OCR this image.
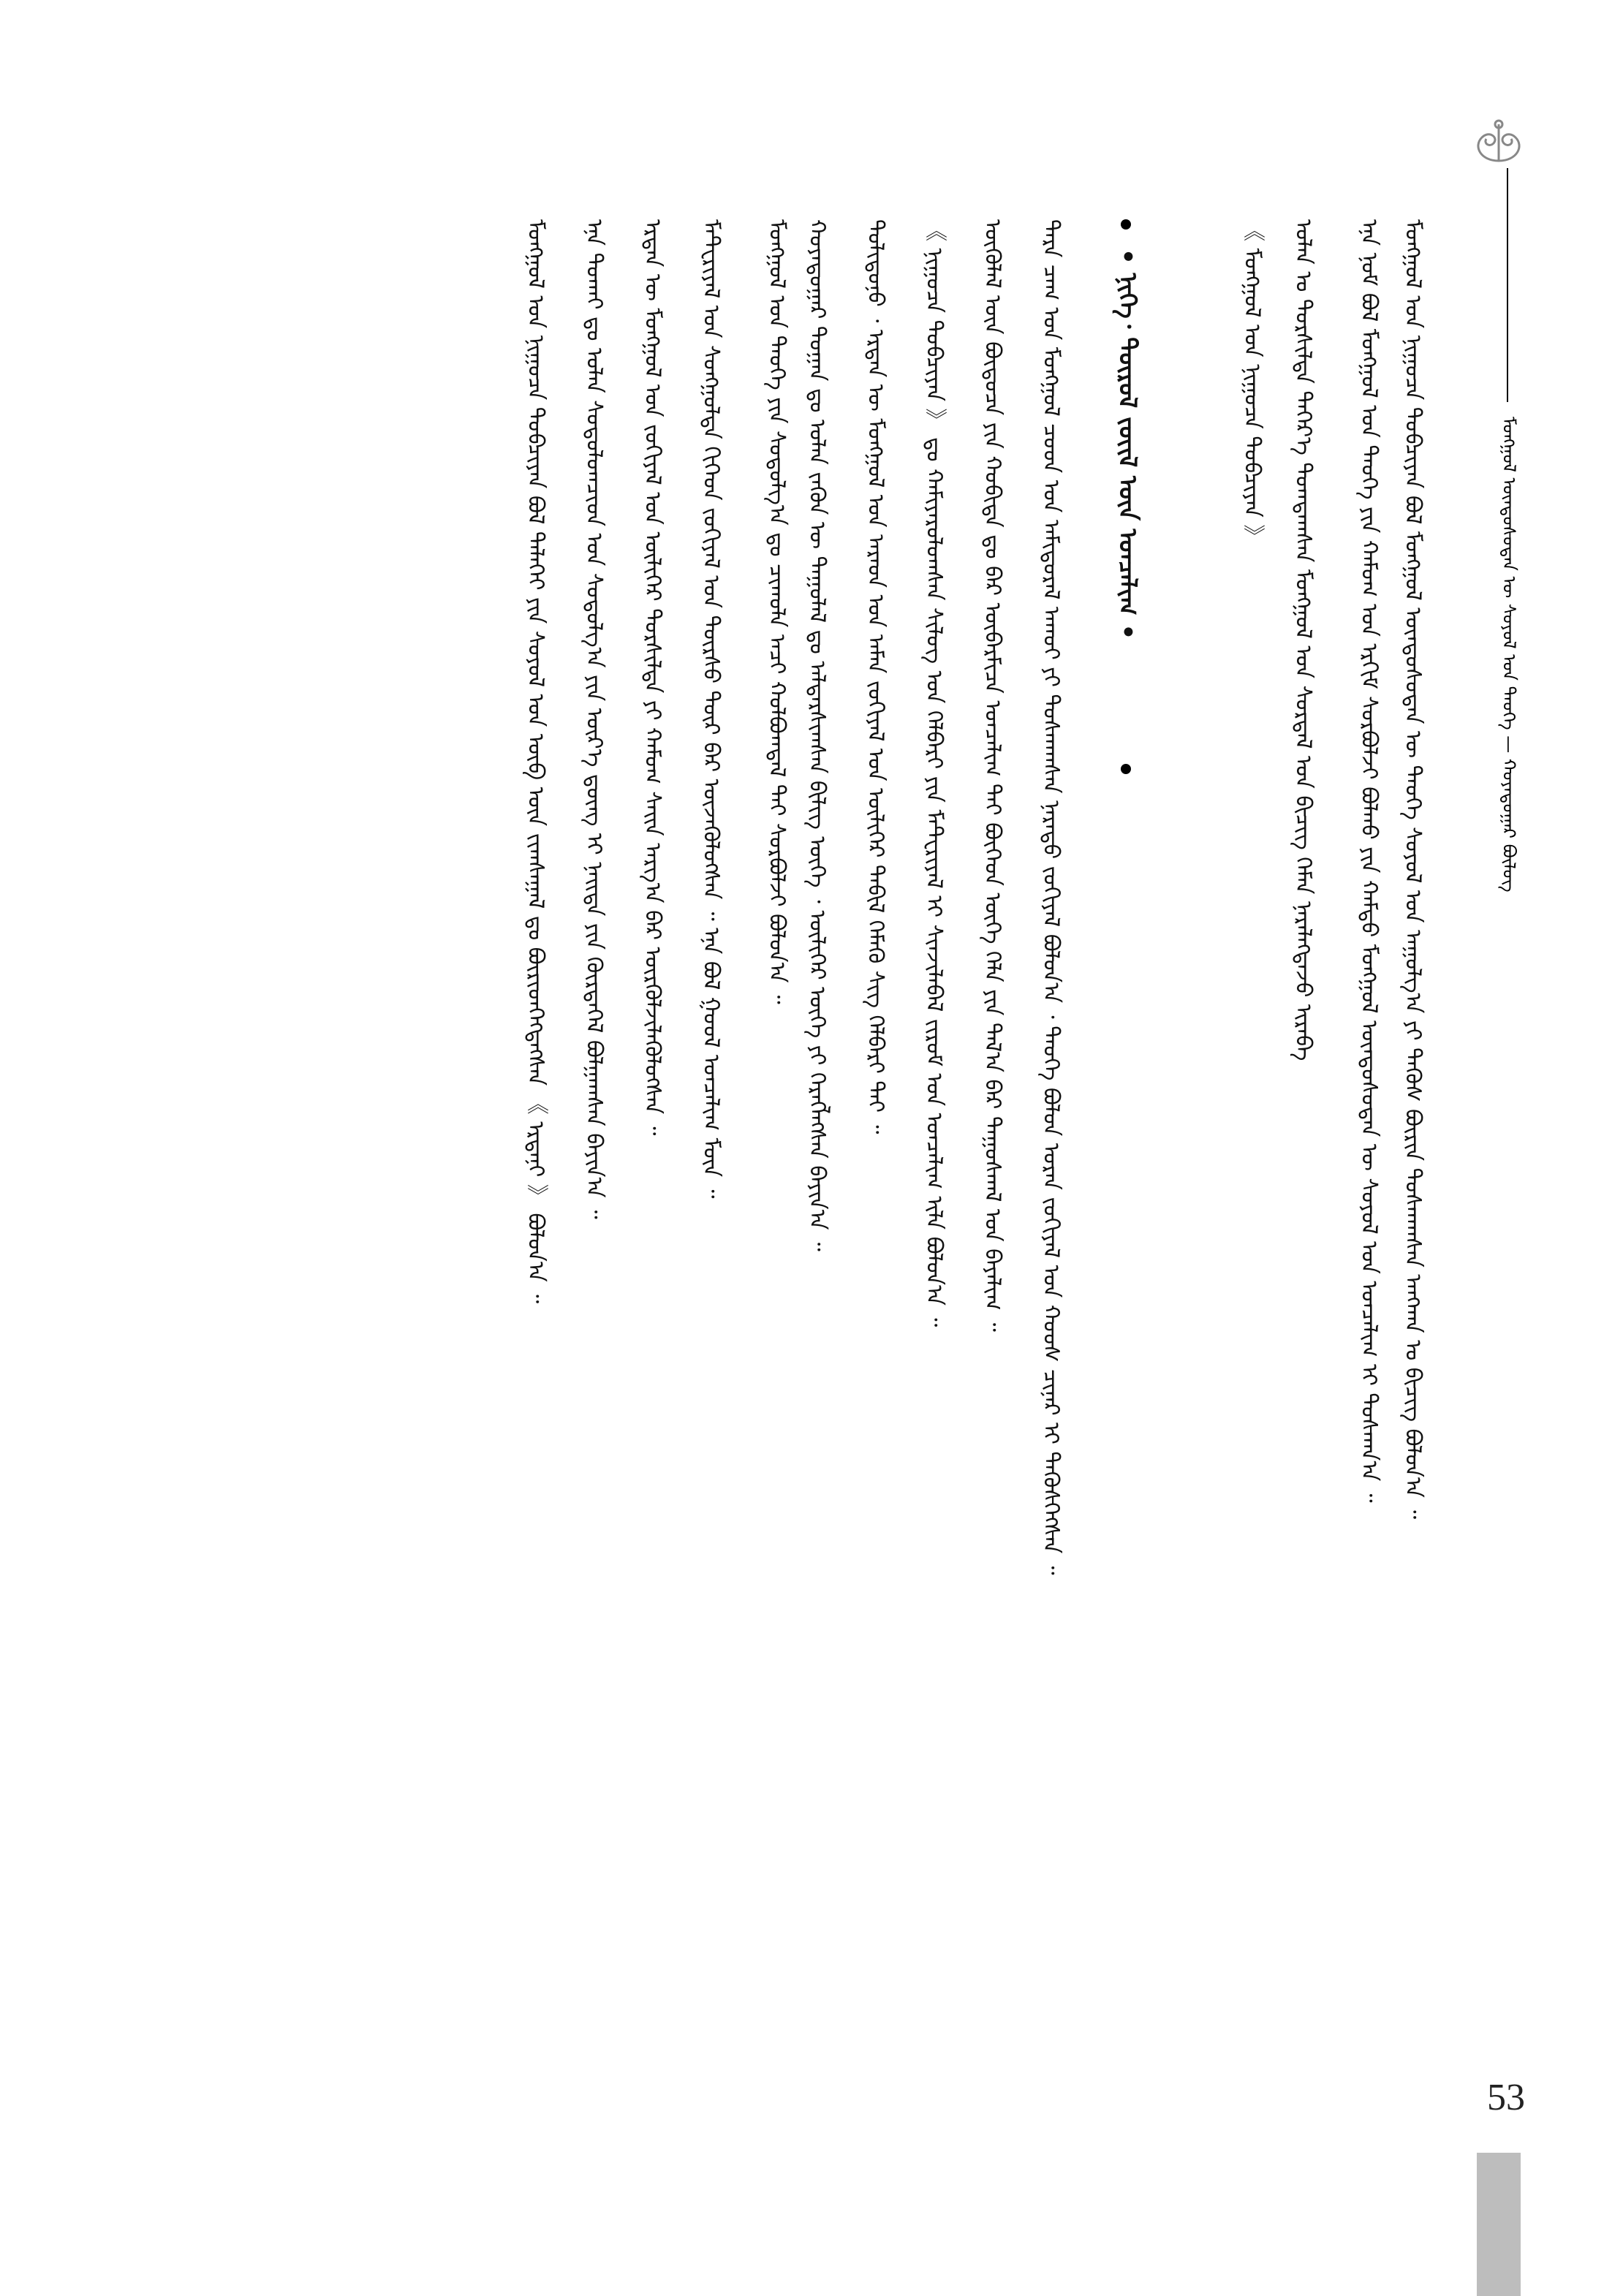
ᠮᠣᠩᠭᠣᠯ ᠦᠨᠳᠦᠰᠦᠲᠡᠨ ᠦ ᠰᠣᠶᠣᠯ ᠤᠨ ᠲᠡᠦᠬᠡ — ᠬᠣᠶᠠᠳᠤᠭᠠᠷ ᠪᠦᠯᠦᠭ
ᠮᠣᠩᠭᠣᠯ ᠤᠨ ᠨᠢᠭᠤᠴᠠ ᠲᠣᠪᠴᠢᠶᠠᠨ ᠪᠣᠯ ᠮᠣᠩᠭᠣᠯ ᠦᠨᠳᠦᠰᠦᠲᠡᠨ ᠦ ᠲᠡᠦᠬᠡ ᠰᠣᠶᠣᠯ ᠤᠨ ᠠᠭᠤᠯᠭ᠎ᠠ ᠶᠢ ᠲᠡᠭᠦᠰ ᠪᠦᠷᠢᠨ ᠲᠤᠰᠬᠠᠭᠰᠠᠨ ᠠᠨᠭᠬᠠᠨ ᠤ ᠪᠢᠴᠢᠭ ᠪᠣᠯᠤᠨ᠎ᠠ ᠃
ᠡᠨᠡ ᠨᠣᠮ ᠪᠣᠯ ᠮᠣᠩᠭᠣᠯ ᠤᠨ ᠲᠡᠦᠬᠡ ᠶᠢᠨ ᠬᠠᠮᠤᠭ ᠤᠨ ᠡᠷᠬᠢᠮ ᠰᠤᠷᠪᠤᠯᠵᠢ ᠪᠣᠯᠬᠤ ᠶᠢᠨ ᠬᠠᠮᠲᠤ ᠮᠣᠩᠭᠣᠯ ᠦᠨᠳᠦᠰᠦᠲᠡᠨ ᠦ ᠰᠣᠶᠣᠯ ᠤᠨ ᠣᠨᠴᠠᠯᠢᠭ ᠢ ᠲᠤᠰᠬᠠᠨ᠎ᠠ ᠃
ᠣᠯᠠᠨ ᠤ ᠲᠤᠷᠰᠢᠯᠲᠠ ᠳᠡᠭᠡᠷ᠎ᠡ ᠲᠣᠭᠲᠠᠭᠰᠠᠨ ᠮᠣᠩᠭᠣᠯ ᠤᠨ ᠰᠤᠷᠲᠠᠯ ᠤᠨ ᠪᠢᠴᠢᠭ ᠬᠡᠮᠡᠨ ᠨᠡᠷᠡᠯᠡᠭᠳᠡᠵᠦ ᠢᠷᠡᠪᠡ
《 ᠮᠣᠩᠭᠣᠯ ᠤᠨ ᠨᠢᠭᠤᠴᠠ ᠲᠣᠪᠴᠢᠶᠠᠨ 》
• ᠨᠢᠭᠡ᠂ ᠲᠦᠷᠦᠯ ᠵᠦᠢᠯ ᠦᠨ ᠣᠨᠴᠠᠯᠢᠭ •
ᠲᠡᠷᠡ ᠴᠠᠭ ᠤᠨ ᠮᠣᠩᠭᠣᠯ ᠴᠤᠳ ᠤᠨ ᠠᠮᠢᠳᠤᠷᠠᠯ ᠠᠬᠤᠢ ᠶᠢ ᠲᠤᠰᠬᠠᠭᠰᠠᠨ ᠨᠡᠷᠡᠲᠦ ᠵᠣᠬᠢᠶᠠᠯ ᠪᠣᠯᠤᠨ᠎ᠠ ᠂ ᠲᠡᠦᠬᠡ ᠪᠣᠯᠤᠨ ᠤᠷᠠᠨ ᠵᠣᠬᠢᠶᠠᠯ ᠤᠨ ᠬᠣᠣᠰ ᠴᠢᠨᠠᠷ ᠢ ᠲᠡᠭᠦᠰᠭᠡᠭᠰᠡᠨ ᠃
ᠦᠭᠦᠯᠡᠯ ᠦᠨ ᠪᠦᠲᠦᠴᠡ ᠶᠢᠨ ᠬᠤᠪᠢᠳᠠ ᠳᠤ ᠪᠠᠷ ᠥᠪᠡᠷᠮᠢᠴᠡ ᠣᠨᠴᠠᠯᠢᠭ ᠲᠠᠢ ᠪᠥᠭᠡᠳ ᠦᠭᠡ ᠬᠡᠯᠡ ᠶᠢᠨ ᠲᠠᠯ᠎ᠠ ᠪᠠᠷ ᠳᠠᠭᠤᠰᠬᠠᠯ ᠤᠨ ᠪᠠᠶᠠᠯᠢᠭ ᠃
《 ᠨᠢᠭᠤᠴᠠ ᠲᠣᠪᠴᠢᠶᠠᠨ 》 ᠳᠤ ᠬᠠᠮᠢᠶᠠᠷᠤᠯᠤᠭᠰᠠᠨ ᠰᠢᠯᠦᠭ ᠤᠨ ᠬᠡᠯᠪᠡᠷᠢ ᠶᠢᠨ ᠮᠠᠲ᠋ᠧᠷᠢᠶᠠᠯ ᠢ ᠰᠢᠨᠵᠢᠯᠡᠪᠡᠯ ᠵᠢᠷᠤᠮ ᠤᠨ ᠣᠨᠴᠠᠯᠢᠭ ᠢᠯᠡ ᠪᠣᠯᠤᠨ᠎ᠠ ᠃
ᠲᠣᠯᠢᠳᠤᠨᠤ ᠂ ᠡᠷᠲᠡᠨ ᠦ ᠮᠣᠩᠭᠣᠯ ᠤᠨ ᠠᠷᠠᠳ ᠤᠨ ᠠᠮᠠᠨ ᠵᠣᠬᠢᠶᠠᠯ ᠤᠨ ᠦᠯᠢᠭᠡᠷ ᠲᠠᠪᠢᠯ ᠬᠡᠮᠡᠬᠦ ᠰᠢᠭ ᠬᠡᠯᠪᠡᠷᠢ ᠲᠠᠢ ᠃
ᠬᠣᠶᠠᠳᠤᠭᠠᠷ ᠲᠣᠭᠠᠨ ᠳᠤ ᠣᠯᠠᠨ ᠵᠡᠭᠦᠨ ᠦ ᠳᠠᠭᠤᠯᠠᠯ ᠳᠤ ᠠᠯᠳᠠᠷᠰᠢᠭᠰᠠᠨ ᠪᠢᠯᠢᠭ ᠦᠭᠡ ᠂ ᠦᠯᠢᠭᠡᠷ ᠦᠭᠡ ᠶᠢ ᠬᠡᠷᠡᠭᠯᠡᠭᠰᠡᠨ ᠪᠠᠶᠢᠨ᠎ᠠ ᠃
ᠮᠣᠩᠭᠣᠯ ᠤᠨ ᠲᠡᠦᠬᠡ ᠶᠢᠨ ᠰᠤᠳᠤᠯᠭ᠎ᠠ ᠳᠤ ᠴᠢᠬᠤᠯᠠ ᠠᠴᠢ ᠬᠣᠯᠪᠣᠭᠳᠠᠯ ᠲᠠᠢ ᠰᠤᠷᠪᠤᠯᠵᠢ ᠪᠣᠯᠤᠨ᠎ᠠ ᠃
ᠮᠠᠲ᠋ᠧᠷᠢᠶᠠᠯ ᠤᠨ ᠰᠣᠩᠭᠣᠯᠲᠠ ᠬᠢᠭᠡᠳ ᠵᠣᠬᠢᠶᠠᠯ ᠤᠨ ᠳᠦᠷᠰᠦ ᠳᠦᠷ ᠪᠡᠷ ᠦᠵᠡᠭᠦᠯᠦᠭᠰᠡᠨ ᠃ ᠡᠨᠡ ᠪᠣᠯ ᠭᠣᠣᠯ ᠣᠨᠴᠠᠯᠢᠭ ᠮᠥᠨ ᠃
ᠡᠷᠲᠡᠨ ᠦ ᠮᠣᠩᠭᠣᠯ ᠤᠨ ᠵᠣᠬᠢᠶᠠᠯ ᠤᠨ ᠦᠯᠢᠭᠡᠷ ᠲᠣᠷᠰᠢᠯᠲᠠ ᠶᠢ ᠬᠠᠮᠤᠭ ᠰᠠᠢᠨ ᠠᠷᠭ᠎ᠠ ᠪᠠᠷ ᠦᠷᠭᠦᠯᠵᠢᠯᠡᠭᠦᠯᠦᠭᠰᠡᠨ ᠃
ᠡᠨᠡ ᠲᠤᠬᠠᠢ ᠳᠤ ᠣᠯᠠᠨ ᠰᠤᠳᠤᠯᠤᠭᠴᠢᠳ ᠤᠨ ᠰᠤᠳᠤᠯᠭ᠎ᠠ ᠶᠢᠨ ᠦᠷ᠎ᠡ ᠳ᠋ᠦᠩ ᠢ ᠨᠡᠢᠲᠡ ᠶᠢᠨ ᠬᠦᠷᠲᠡᠭᠡᠯ ᠪᠤᠯᠭᠠᠭᠰᠠᠨ ᠪᠠᠶᠢᠨ᠎ᠠ ᠃
ᠮᠣᠩᠭᠣᠯ ᠤᠨ ᠨᠢᠭᠤᠴᠠ ᠲᠣᠪᠴᠢᠶᠠᠨ ᠪᠣᠯ ᠳᠡᠯᠡᠬᠡᠢ ᠶᠢᠨ ᠰᠣᠶᠣᠯ ᠤᠨ ᠥᠪ ᠦᠨ ᠵᠢᠭᠰᠠᠭᠠᠯ ᠳᠤ ᠪᠦᠷᠢᠳᠬᠡᠭᠳᠡᠭᠰᠡᠨ 《 ᠡᠷᠳᠡᠨᠢ 》 ᠪᠣᠯᠤᠨ᠎ᠠ ᠃
53
